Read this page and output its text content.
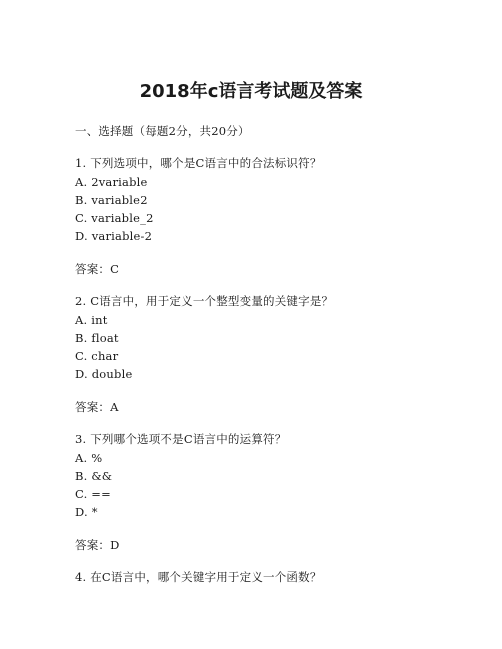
2018年c语言考试题及答案
一、选择题（每题2分，共20分）
1. 下列选项中，哪个是C语言中的合法标识符？
A. 2variable
B. variable2
C. variable_2
D. variable-2
答案：C
2. C语言中，用于定义一个整型变量的关键字是？
A. int
B. float
C. char
D. double
答案：A
3. 下列哪个选项不是C语言中的运算符？
A. %
B. &&
C. ==
D. *
答案：D
4. 在C语言中，哪个关键字用于定义一个函数？
